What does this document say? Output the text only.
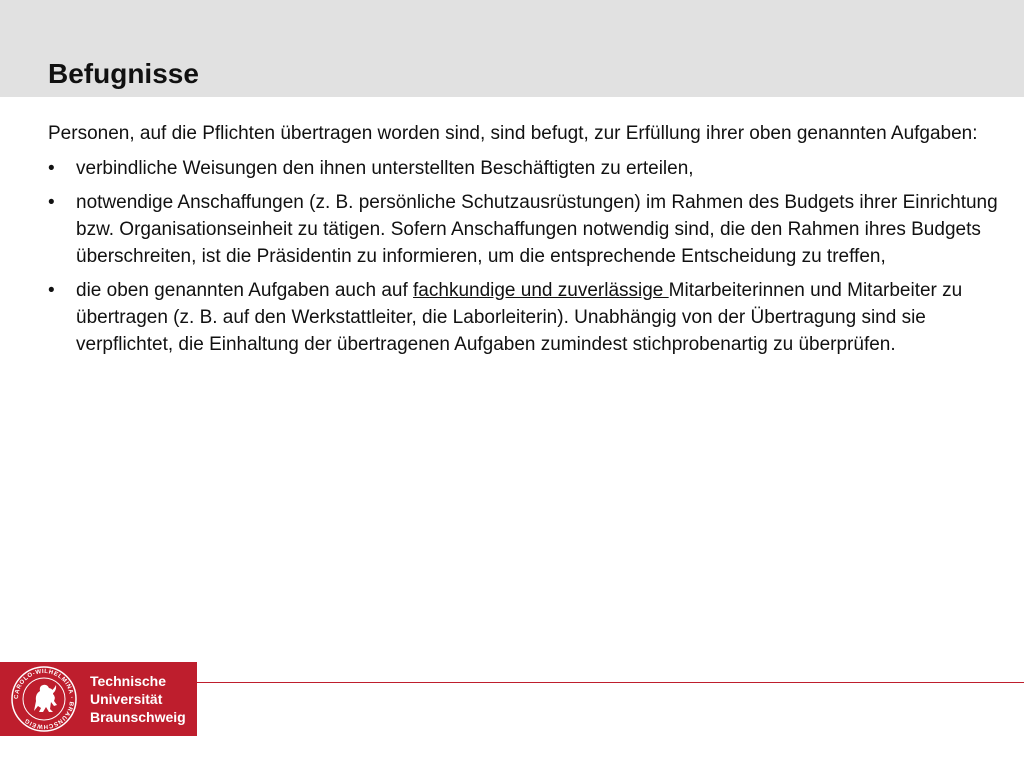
Befugnisse

Personen, auf die Pflichten übertragen worden sind, sind befugt, zur Erfüllung ihrer oben genannten Aufgaben:

• verbindliche Weisungen den ihnen unterstellten Beschäftigten zu erteilen,
• notwendige Anschaffungen (z. B. persönliche Schutzausrüstungen) im Rahmen des Budgets ihrer Einrichtung bzw. Organisationseinheit zu tätigen. Sofern Anschaffungen notwendig sind, die den Rahmen ihres Budgets überschreiten, ist die Präsidentin zu informieren, um die entsprechende Entscheidung zu treffen,
• die oben genannten Aufgaben auch auf fachkundige und zuverlässige Mitarbeiterinnen und Mitarbeiter zu übertragen (z. B. auf den Werkstattleiter, die Laborleiterin). Unabhängig von der Übertragung sind sie verpflichtet, die Einhaltung der übertragenen Aufgaben zumindest stichprobenartig zu überprüfen.
CAROLO-WILHELMINA · BRAUNSCHWEIG
Technische
Universität
Braunschweig
